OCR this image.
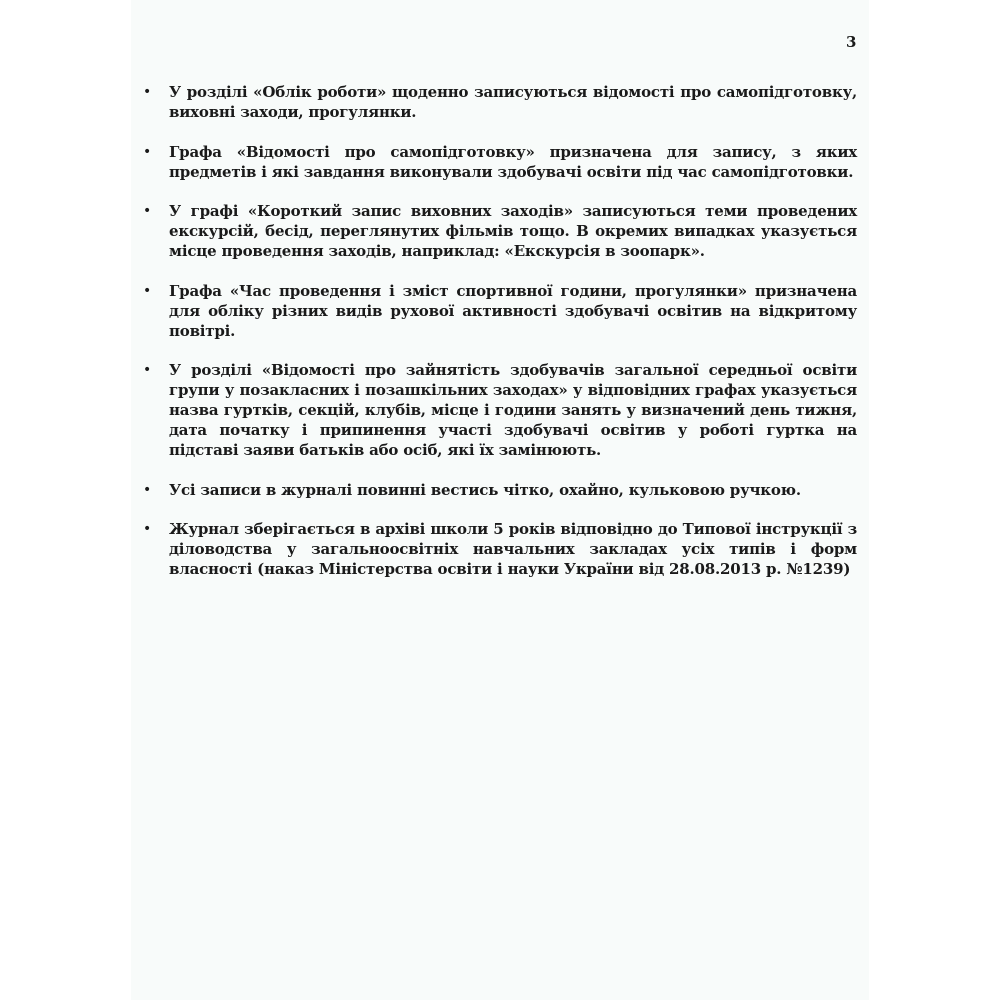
3
•	У розділі «Облік роботи» щоденно записуються відомості про самопідготовку, виховні заходи, прогулянки.
•	Графа «Відомості про самопідготовку» призначена для запису, з яких предметів і які завдання виконували здобувачі освіти під час самопідготовки.
•	У графі «Короткий запис виховних заходів» записуються теми проведених екскурсій, бесід, переглянутих фільмів тощо. В окремих випадках указується місце проведення заходів, наприклад: «Екскурсія в зоопарк».
•	Графа «Час проведення і зміст спортивної години, прогулянки» призначена для обліку різних видів рухової активності здобувачі освітив на відкритому повітрі.
•	У розділі «Відомості про зайнятість здобувачів загальної середньої освіти групи у позакласних і позашкільних заходах» у відповідних графах указується назва гуртків, секцій, клубів, місце і години занять у визначений день тижня, дата початку і припинення участі здобувачі освітив у роботі гуртка на підставі заяви батьків або осіб, які їх замінюють.
•	Усі записи в журналі повинні вестись чітко, охайно, кульковою ручкою.
•	Журнал зберігається в архіві школи 5 років відповідно до Типової інструкції з діловодства у загальноосвітніх навчальних закладах усіх типів і форм власності (наказ Міністерства освіти і науки України від 28.08.2013 р. №1239)
